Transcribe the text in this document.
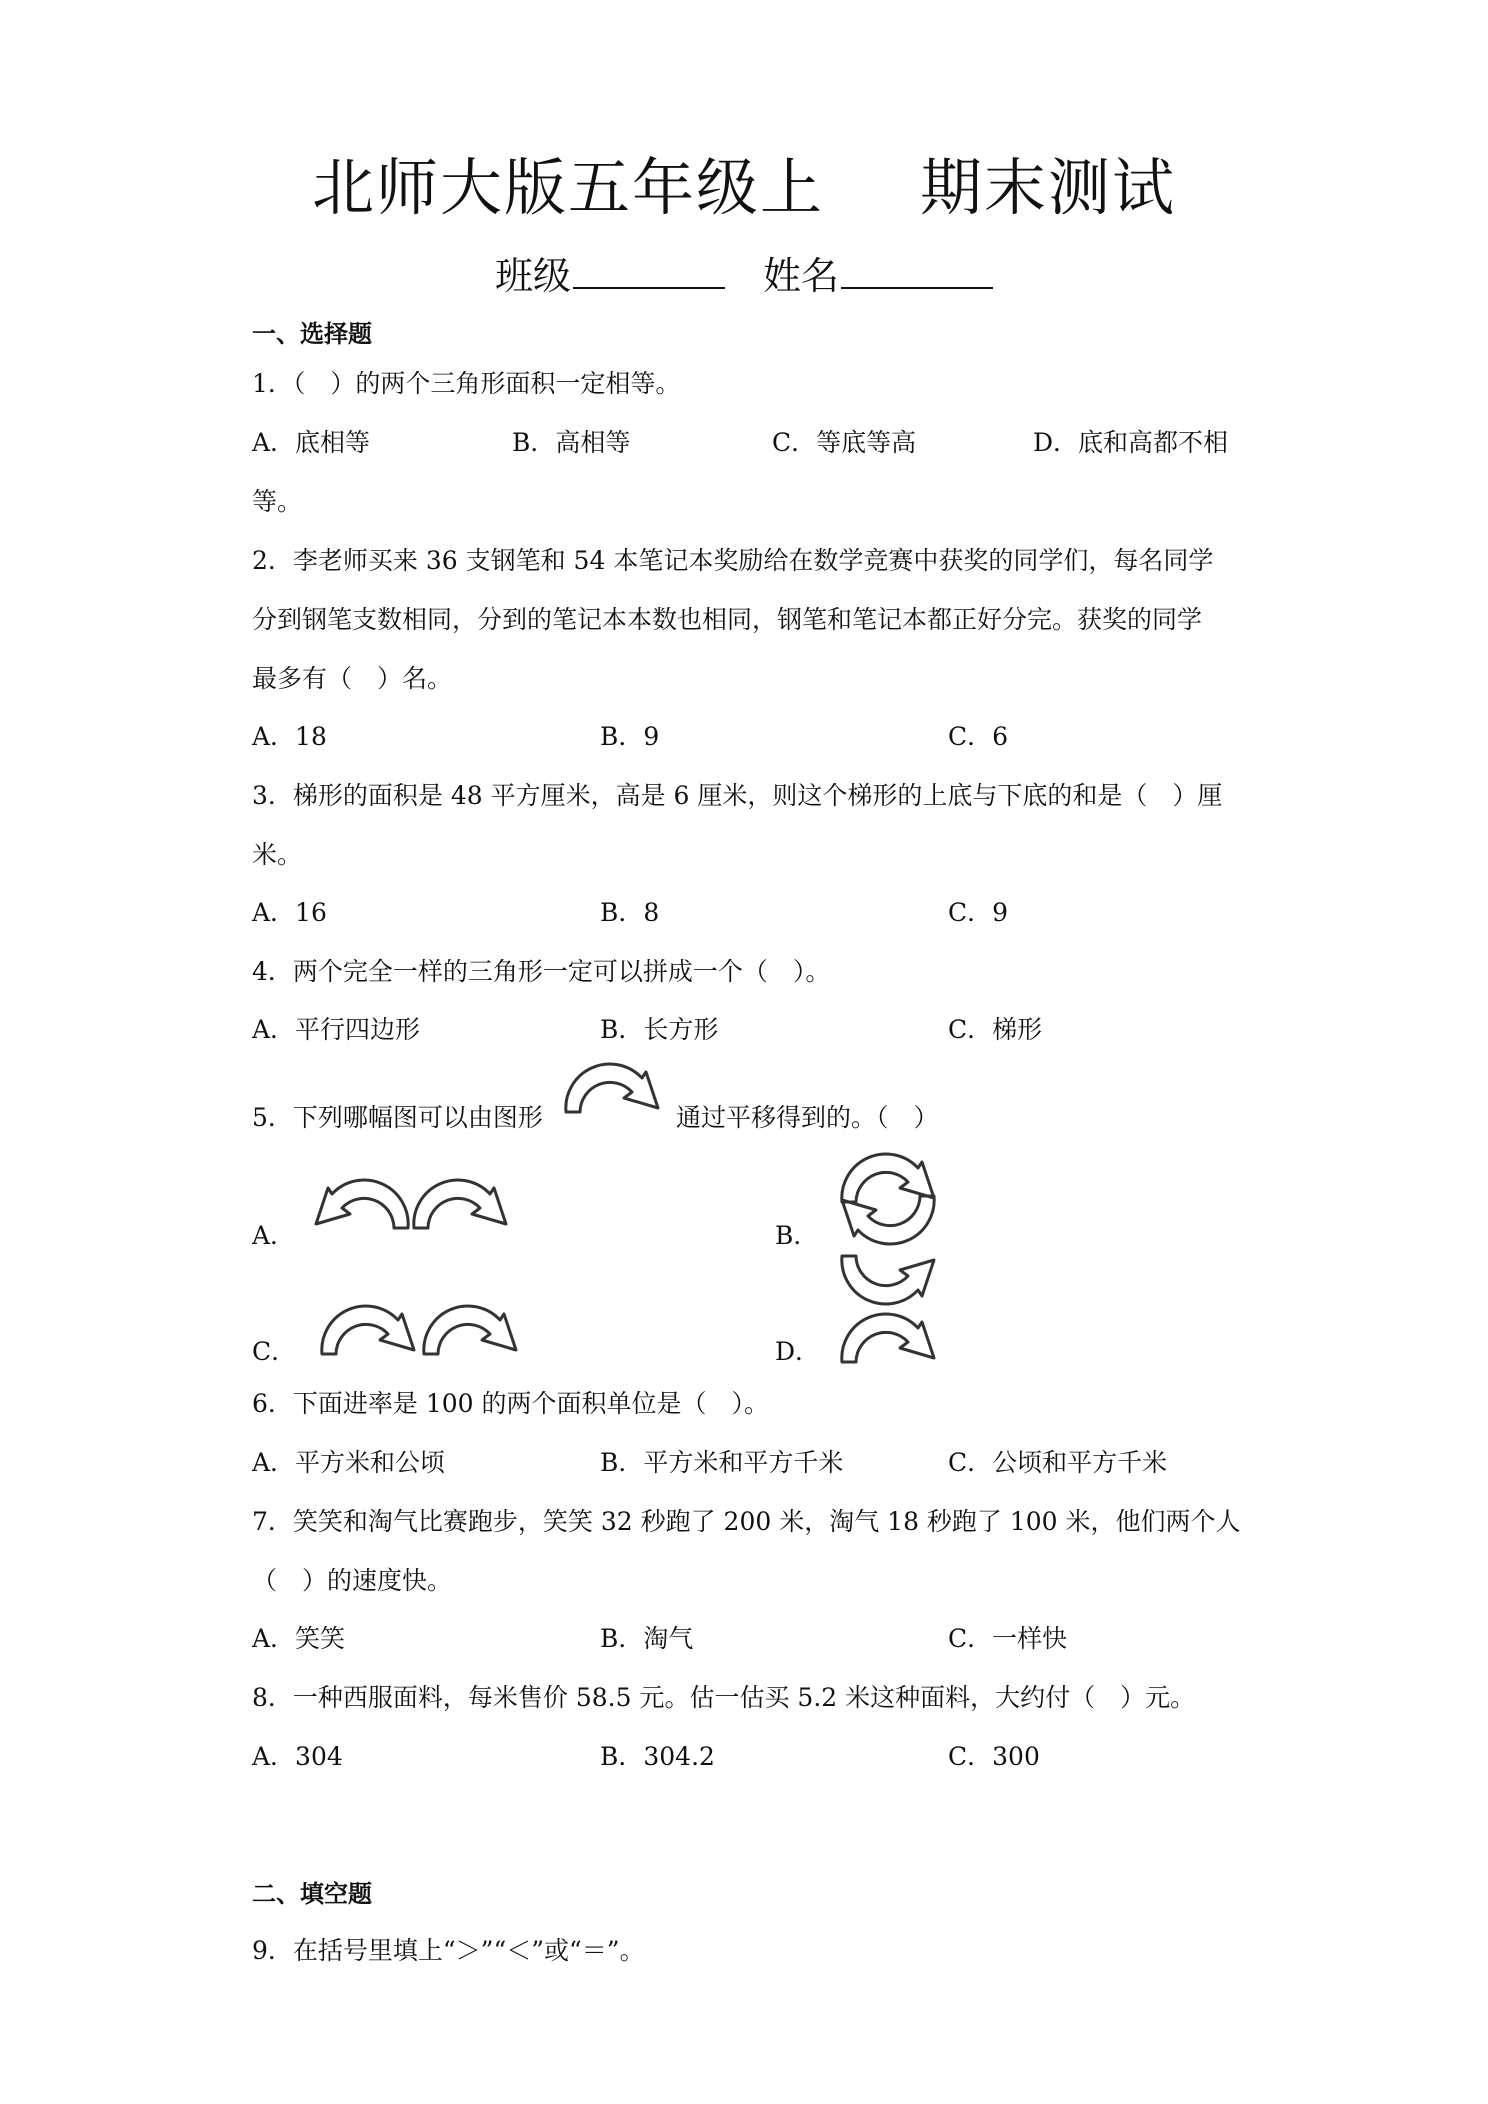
北师大版五年级上 期末测试
班级	姓名
一、选择题
1．（　）的两个三角形面积一定相等。
A．底相等	B．高相等	C．等底等高	D．底和高都不相
等。
2．李老师买来 36 支钢笔和 54 本笔记本奖励给在数学竞赛中获奖的同学们，每名同学
分到钢笔支数相同，分到的笔记本本数也相同，钢笔和笔记本都正好分完。获奖的同学
最多有（　）名。
A．18	B．9	C．6
3．梯形的面积是 48 平方厘米，高是 6 厘米，则这个梯形的上底与下底的和是（　）厘
米。
A．16	B．8	C．9
4．两个完全一样的三角形一定可以拼成一个（　）。
A．平行四边形	B．长方形	C．梯形
5．下列哪幅图可以由图形	通过平移得到的。（　）
A．	B．
C．	D．
6．下面进率是 100 的两个面积单位是（　）。
A．平方米和公顷	B．平方米和平方千米	C．公顷和平方千米
7．笑笑和淘气比赛跑步，笑笑 32 秒跑了 200 米，淘气 18 秒跑了 100 米，他们两个人
（　）的速度快。
A．笑笑	B．淘气	C．一样快
8．一种西服面料，每米售价 58.5 元。估一估买 5.2 米这种面料，大约付（　）元。
A．304	B．304.2	C．300
二、填空题
9．在括号里填上“＞”“＜”或“＝”。
